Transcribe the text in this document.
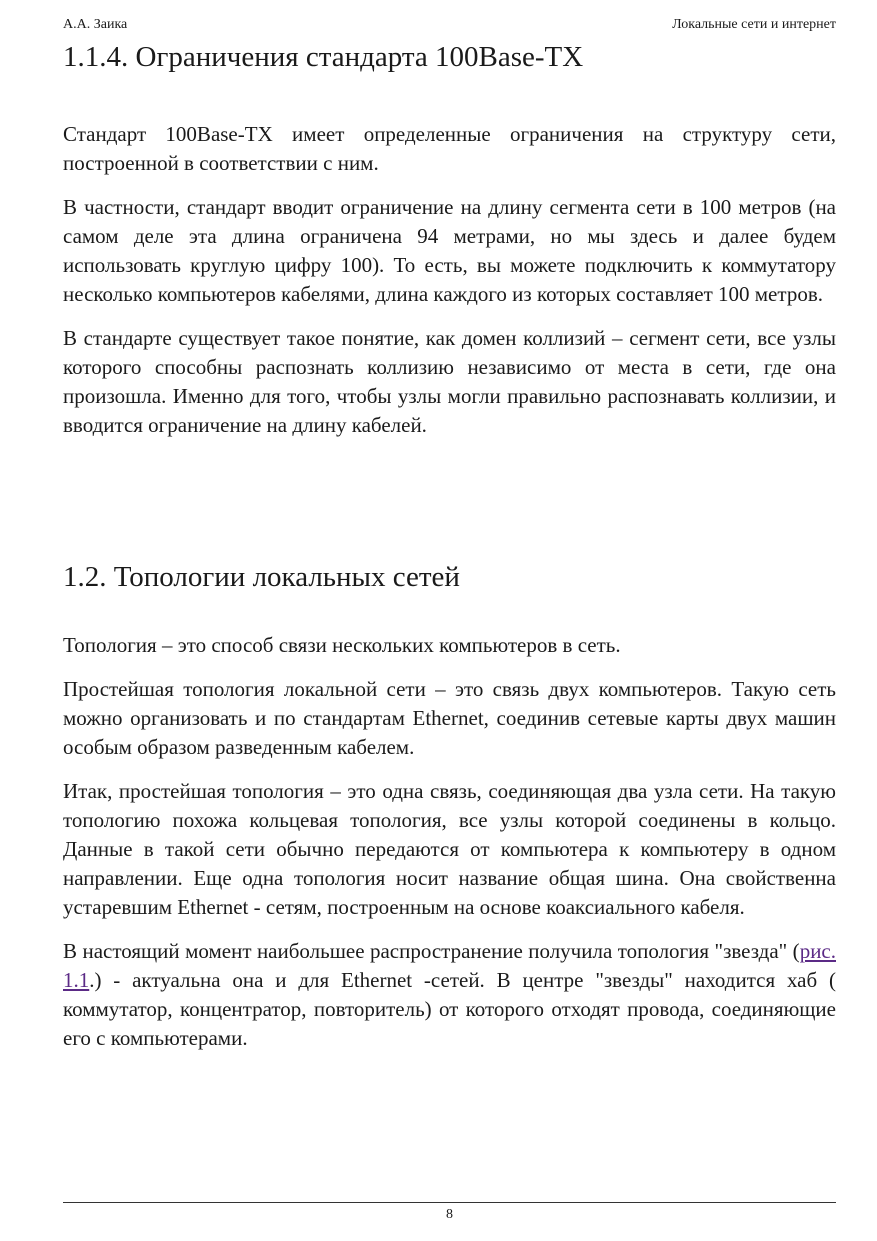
А.А. Заика	Локальные сети и интернет
1.1.4. Ограничения стандарта 100Base-TX

Стандарт 100Base-TX имеет определенные ограничения на структуру сети, построенной в соответствии с ним.

В частности, стандарт вводит ограничение на длину сегмента сети в 100 метров (на самом деле эта длина ограничена 94 метрами, но мы здесь и далее будем использовать круглую цифру 100). То есть, вы можете подключить к коммутатору несколько компьютеров кабелями, длина каждого из которых составляет 100 метров.

В стандарте существует такое понятие, как домен коллизий – сегмент сети, все узлы которого способны распознать коллизию независимо от места в сети, где она произошла. Именно для того, чтобы узлы могли правильно распознавать коллизии, и вводится ограничение на длину кабелей.

1.2. Топологии локальных сетей

Топология – это способ связи нескольких компьютеров в сеть.

Простейшая топология локальной сети – это связь двух компьютеров. Такую сеть можно организовать и по стандартам Ethernet, соединив сетевые карты двух машин особым образом разведенным кабелем.

Итак, простейшая топология – это одна связь, соединяющая два узла сети. На такую топологию похожа кольцевая топология, все узлы которой соединены в кольцо. Данные в такой сети обычно передаются от компьютера к компьютеру в одном направлении. Еще одна топология носит название общая шина. Она свойственна устаревшим Ethernet - сетям, построенным на основе коаксиального кабеля.

В настоящий момент наибольшее распространение получила топология "звезда" (рис. 1.1.) - актуальна она и для Ethernet -сетей. В центре "звезды" находится хаб ( коммутатор, концентратор, повторитель) от которого отходят провода, соединяющие его с компьютерами.

8
